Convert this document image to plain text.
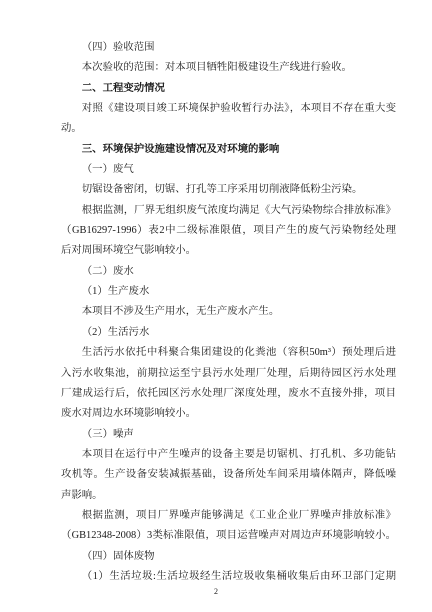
（四）验收范围
本次验收的范围：对本项目牺牲阳极建设生产线进行验收。
二、工程变动情况
对照《建设项目竣工环境保护验收暂行办法》，本项目不存在重大变
动。
三、环境保护设施建设情况及对环境的影响
（一）废气
切锯设备密闭，切锯、打孔等工序采用切削液降低粉尘污染。
根据监测，厂界无组织废气浓度均满足《大气污染物综合排放标准》
（GB16297-1996）表2中二级标准限值，项目产生的废气污染物经处理
后对周围环境空气影响较小。
（二）废水
（1）生产废水
本项目不涉及生产用水，无生产废水产生。
（2）生活污水
生活污水依托中科聚合集团建设的化粪池（容积50m³）预处理后进
入污水收集池，前期拉运至宁县污水处理厂处理，后期待园区污水处理
厂建成运行后，依托园区污水处理厂深度处理，废水不直接外排，项目
废水对周边水环境影响较小。
（三）噪声
本项目在运行中产生噪声的设备主要是切锯机、打孔机、多功能钻
攻机等。生产设备安装减振基础，设备所处车间采用墙体隔声，降低噪
声影响。
根据监测，项目厂界噪声能够满足《工业企业厂界噪声排放标准》
（GB12348-2008）3类标准限值，项目运营噪声对周边声环境影响较小。
（四）固体废物
（1）生活垃圾:生活垃圾经生活垃圾收集桶收集后由环卫部门定期
2
